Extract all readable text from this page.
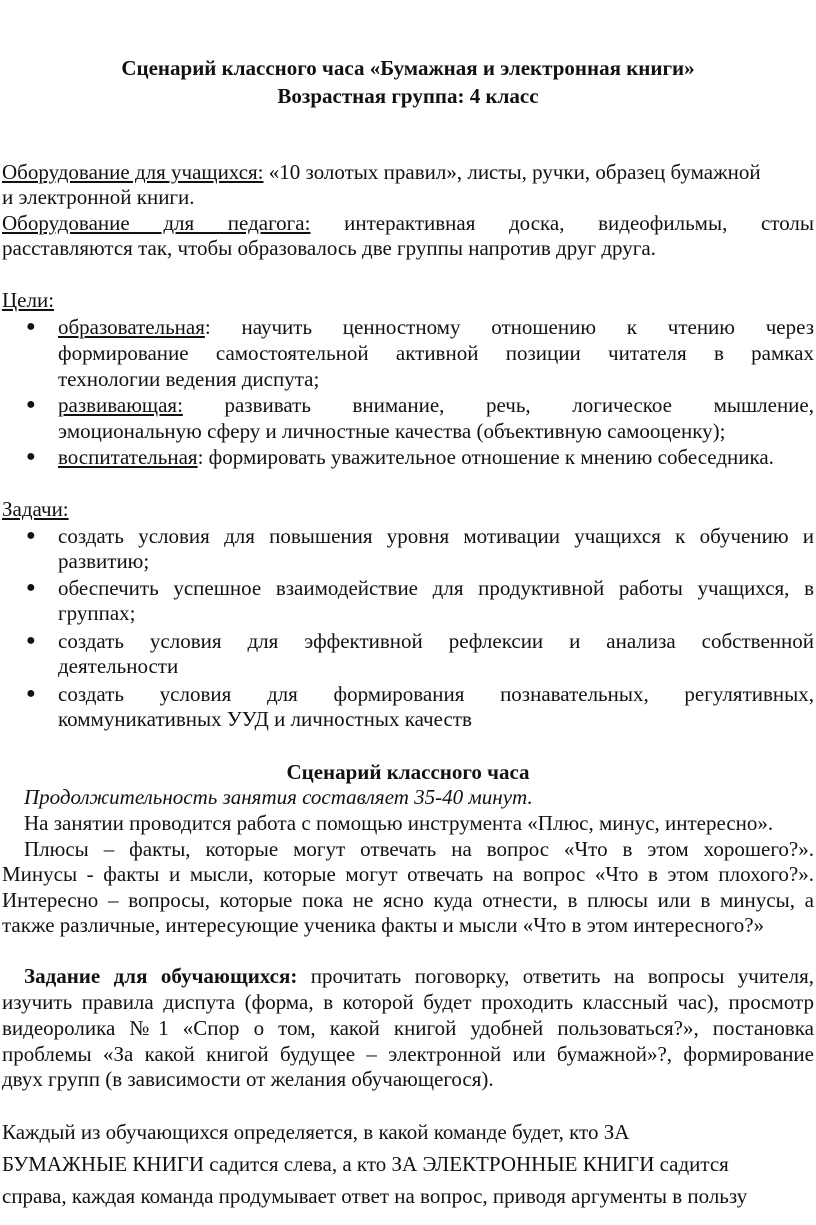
Сценарий классного часа «Бумажная и электронная книги»
Возрастная группа: 4 класс
Оборудование для учащихся: «10 золотых правил», листы, ручки, образец бумажной
и электронной книги.
Оборудование для педагога: интерактивная доска, видеофильмы, столы
расставляются так, чтобы образовалось две группы напротив друг друга.
Цели:
● образовательная: научить ценностному отношению к чтению через
формирование самостоятельной активной позиции читателя в рамках
технологии ведения диспута;
● развивающая: развивать внимание, речь, логическое мышление,
эмоциональную сферу и личностные качества (объективную самооценку);
● воспитательная: формировать уважительное отношение к мнению собеседника.
Задачи:
● создать условия для повышения уровня мотивации учащихся к обучению и
развитию;
● обеспечить успешное взаимодействие для продуктивной работы учащихся, в
группах;
● создать условия для эффективной рефлексии и анализа собственной
деятельности
● создать условия для формирования познавательных, регулятивных,
коммуникативных УУД и личностных качеств
Сценарий классного часа
Продолжительность занятия составляет 35-40 минут.
На занятии проводится работа с помощью инструмента «Плюс, минус, интересно».
Плюсы – факты, которые могут отвечать на вопрос «Что в этом хорошего?».
Минусы - факты и мысли, которые могут отвечать на вопрос «Что в этом плохого?».
Интересно – вопросы, которые пока не ясно куда отнести, в плюсы или в минусы, а
также различные, интересующие ученика факты и мысли «Что в этом интересного?»
Задание для обучающихся: прочитать поговорку, ответить на вопросы учителя,
изучить правила диспута (форма, в которой будет проходить классный час), просмотр
видеоролика №1 «Спор о том, какой книгой удобней пользоваться?», постановка
проблемы «За какой книгой будущее – электронной или бумажной»?, формирование
двух групп (в зависимости от желания обучающегося).
Каждый из обучающихся определяется, в какой команде будет, кто ЗА
БУМАЖНЫЕ КНИГИ садится слева, а кто ЗА ЭЛЕКТРОННЫЕ КНИГИ садится
справа, каждая команда продумывает ответ на вопрос, приводя аргументы в пользу
